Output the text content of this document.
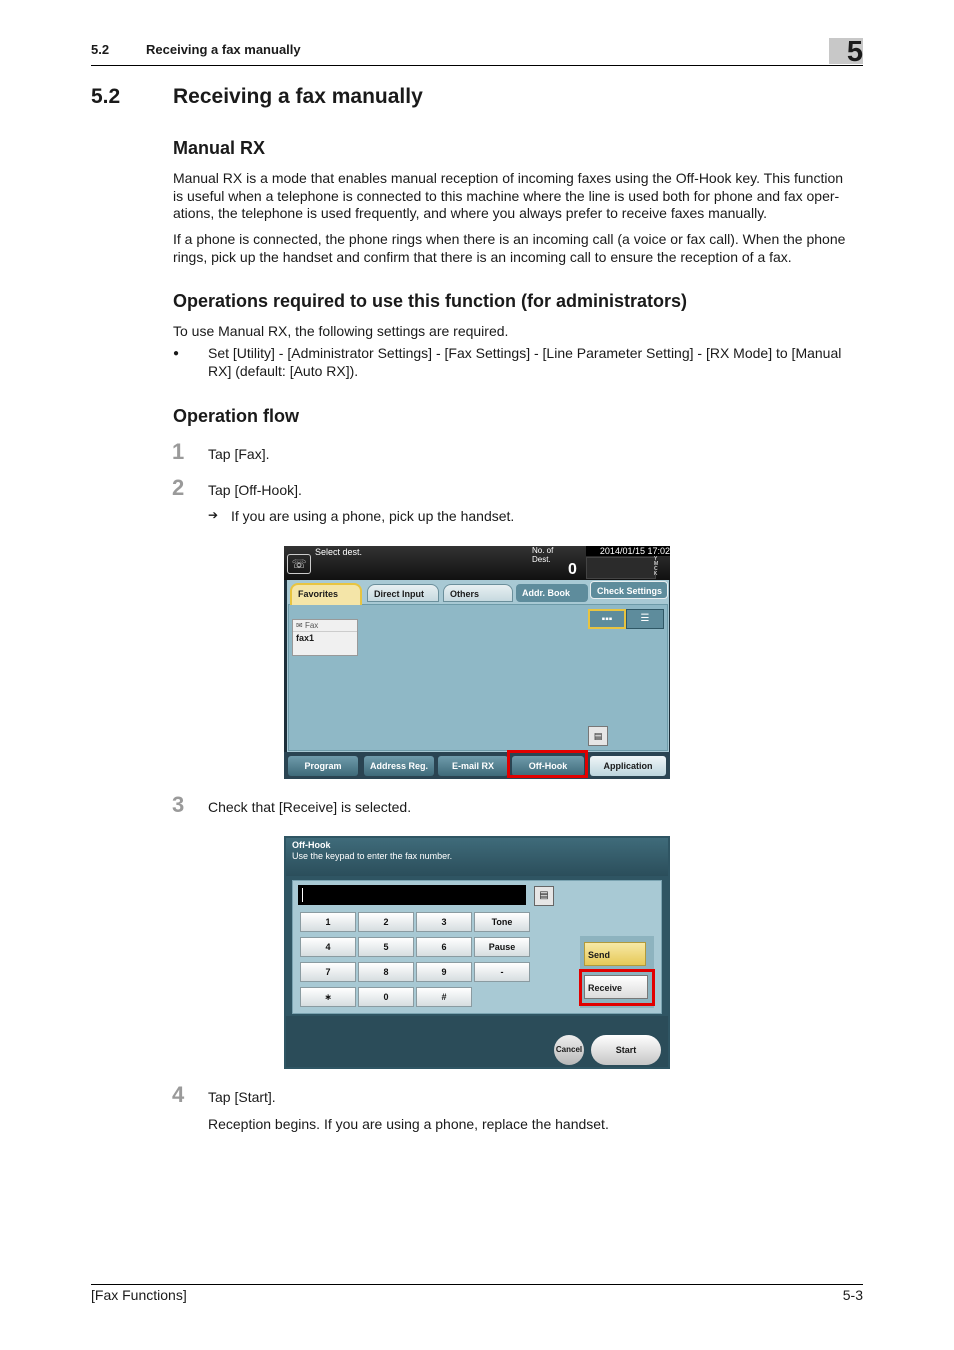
5.2	Receiving a fax manually	5
5.2	Receiving a fax manually
Manual RX
Manual RX is a mode that enables manual reception of incoming faxes using the Off-Hook key. This function
is useful when a telephone is connected to this machine where the line is used both for phone and fax oper-
ations, the telephone is used frequently, and where you always prefer to receive faxes manually.
If a phone is connected, the phone rings when there is an incoming call (a voice or fax call). When the phone
rings, pick up the handset and confirm that there is an incoming call to ensure the reception of a fax.
Operations required to use this function (for administrators)
To use Manual RX, the following settings are required.
● Set [Utility] - [Administrator Settings] - [Fax Settings] - [Line Parameter Setting] - [RX Mode] to [Manual
RX] (default: [Auto RX]).
Operation flow
1 Tap [Fax].
2 Tap [Off-Hook].
➔ If you are using a phone, pick up the handset.
☏
Select dest.	No. of
Dest.
0
2014/01/15 17:02
Y
M
C
K
Favorites	Direct Input	Others	Addr. Book	Check Settings
✉ Fax
fax1
▪▪▪	☰
▤
Program	Address Reg.	E-mail RX	Off-Hook	Application
3 Check that [Receive] is selected.
Off-Hook
Use the keypad to enter the fax number.
▤
1	2	3	Tone
4	5	6	Pause
7	8	9	-
∗	0	#
Send
Receive
Cancel	Start
4 Tap [Start].
Reception begins. If you are using a phone, replace the handset.
[Fax Functions]	5-3
